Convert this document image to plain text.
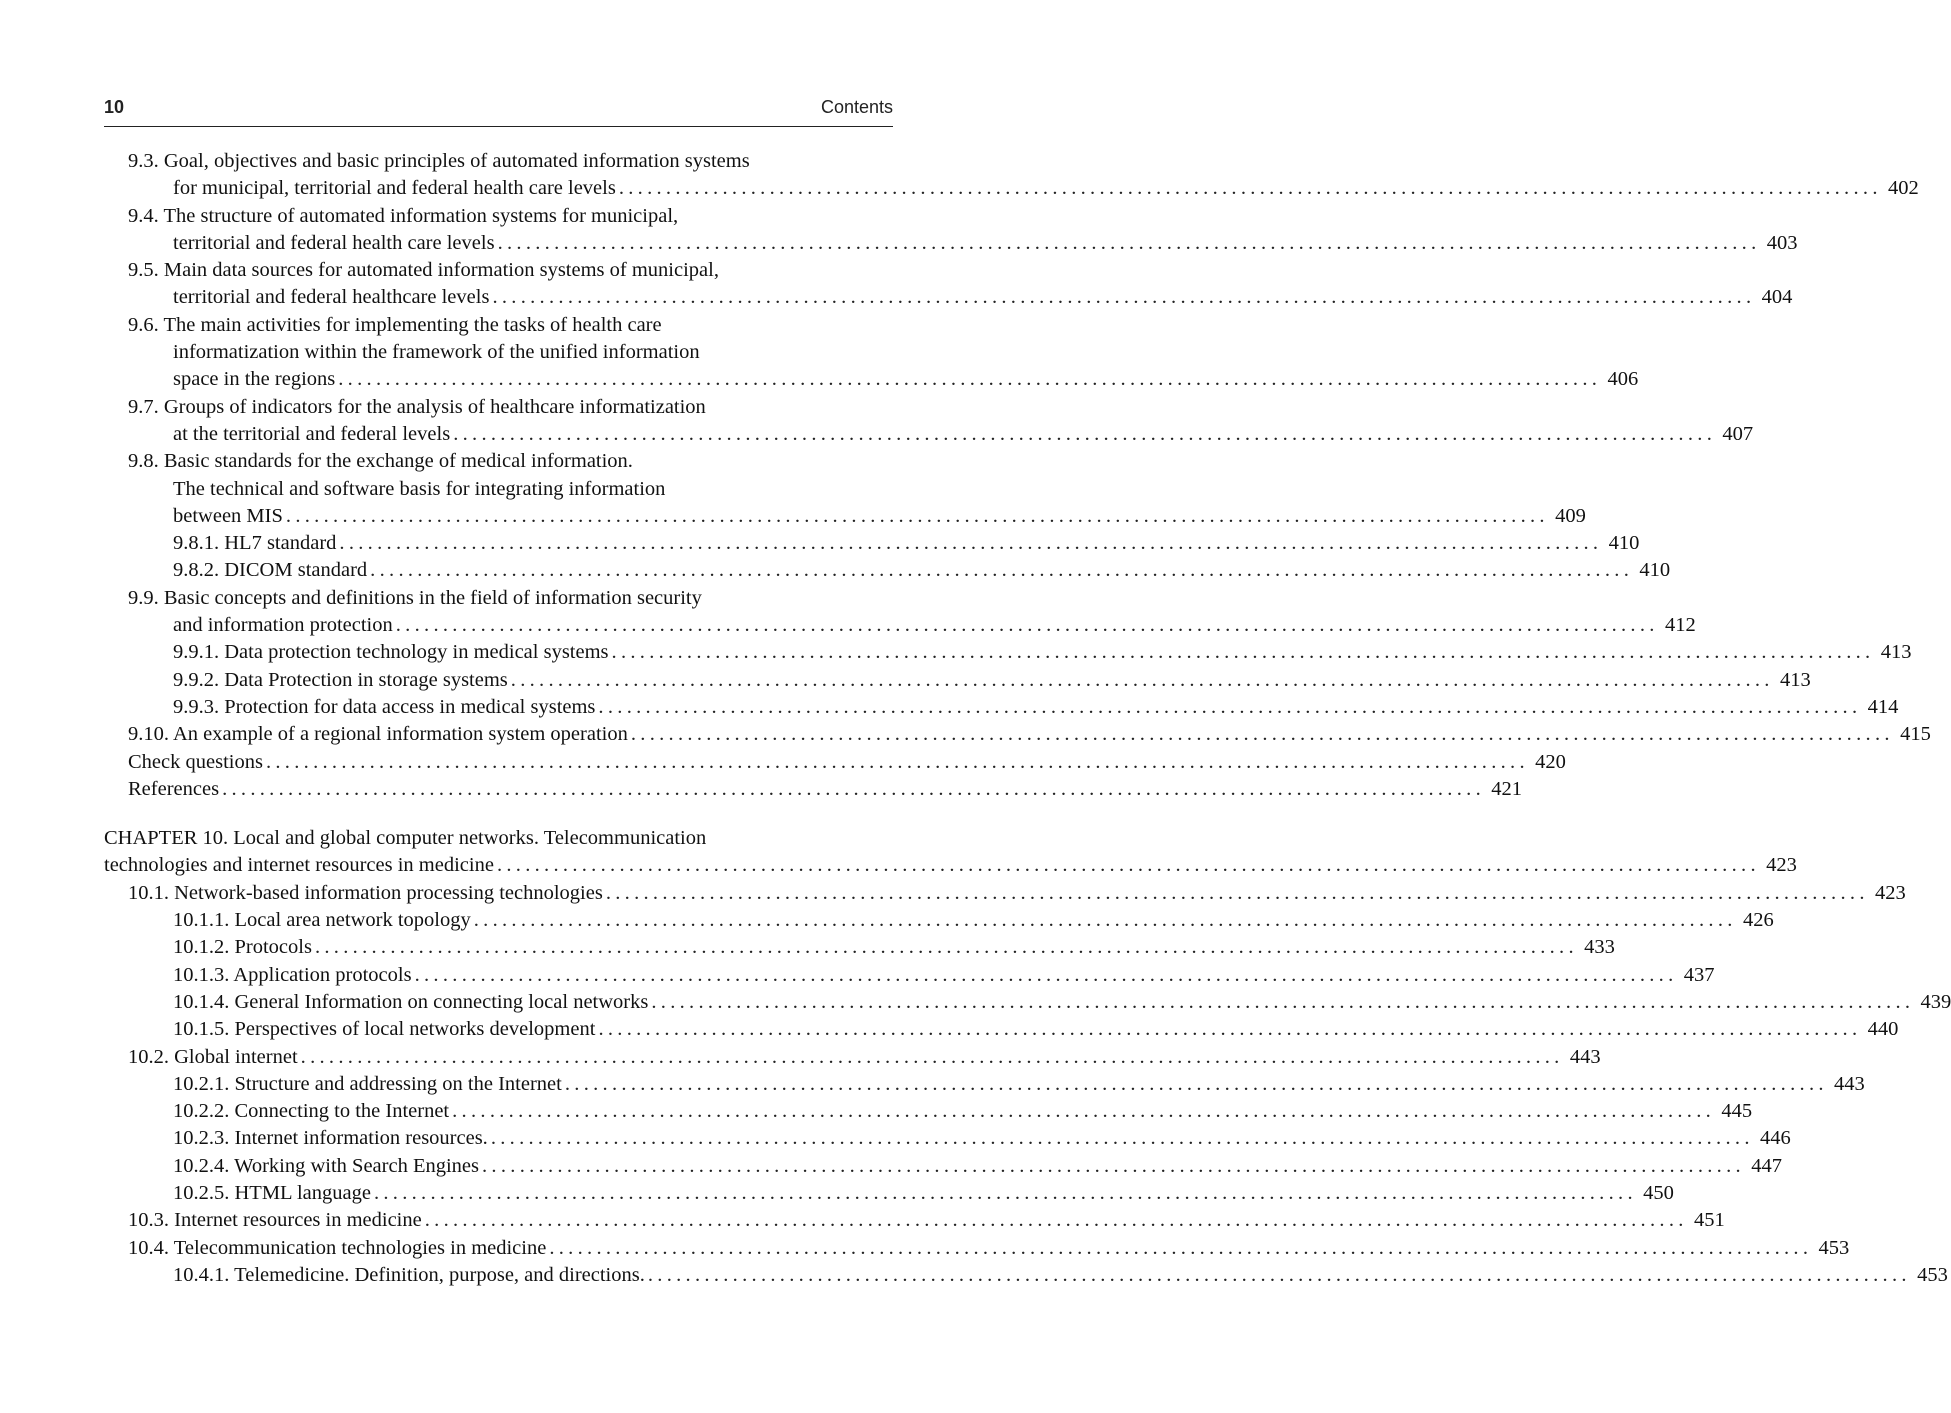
10	Contents
9.3. Goal, objectives and basic principles of automated information systems
for municipal, territorial and federal health care levels ...................................................................................................................................... 402
9.4. The structure of automated information systems for municipal,
territorial and federal health care levels ...................................................................................................................................... 403
9.5. Main data sources for automated information systems of municipal,
territorial and federal healthcare levels ...................................................................................................................................... 404
9.6. The main activities for implementing the tasks of health care
informatization within the framework of the unified information
space in the regions ...................................................................................................................................... 406
9.7. Groups of indicators for the analysis of healthcare informatization
at the territorial and federal levels ...................................................................................................................................... 407
9.8. Basic standards for the exchange of medical information.
The technical and software basis for integrating information
between MIS ...................................................................................................................................... 409
9.8.1. HL7 standard ...................................................................................................................................... 410
9.8.2. DICOM standard ...................................................................................................................................... 410
9.9. Basic concepts and definitions in the field of information security
and information protection ...................................................................................................................................... 412
9.9.1. Data protection technology in medical systems ...................................................................................................................................... 413
9.9.2. Data Protection in storage systems ...................................................................................................................................... 413
9.9.3. Protection for data access in medical systems ...................................................................................................................................... 414
9.10. An example of a regional information system operation ...................................................................................................................................... 415
Check questions ...................................................................................................................................... 420
References ...................................................................................................................................... 421
CHAPTER 10. Local and global computer networks. Telecommunication
technologies and internet resources in medicine ...................................................................................................................................... 423
10.1. Network-based information processing technologies ...................................................................................................................................... 423
10.1.1. Local area network topology ...................................................................................................................................... 426
10.1.2. Protocols ...................................................................................................................................... 433
10.1.3. Application protocols ...................................................................................................................................... 437
10.1.4. General Information on connecting local networks ...................................................................................................................................... 439
10.1.5. Perspectives of local networks development ...................................................................................................................................... 440
10.2. Global internet ...................................................................................................................................... 443
10.2.1. Structure and addressing on the Internet ...................................................................................................................................... 443
10.2.2. Connecting to the Internet ...................................................................................................................................... 445
10.2.3. Internet information resources. ...................................................................................................................................... 446
10.2.4. Working with Search Engines ...................................................................................................................................... 447
10.2.5. HTML language ...................................................................................................................................... 450
10.3. Internet resources in medicine ...................................................................................................................................... 451
10.4. Telecommunication technologies in medicine ...................................................................................................................................... 453
10.4.1. Telemedicine. Definition, purpose, and directions. ...................................................................................................................................... 453
